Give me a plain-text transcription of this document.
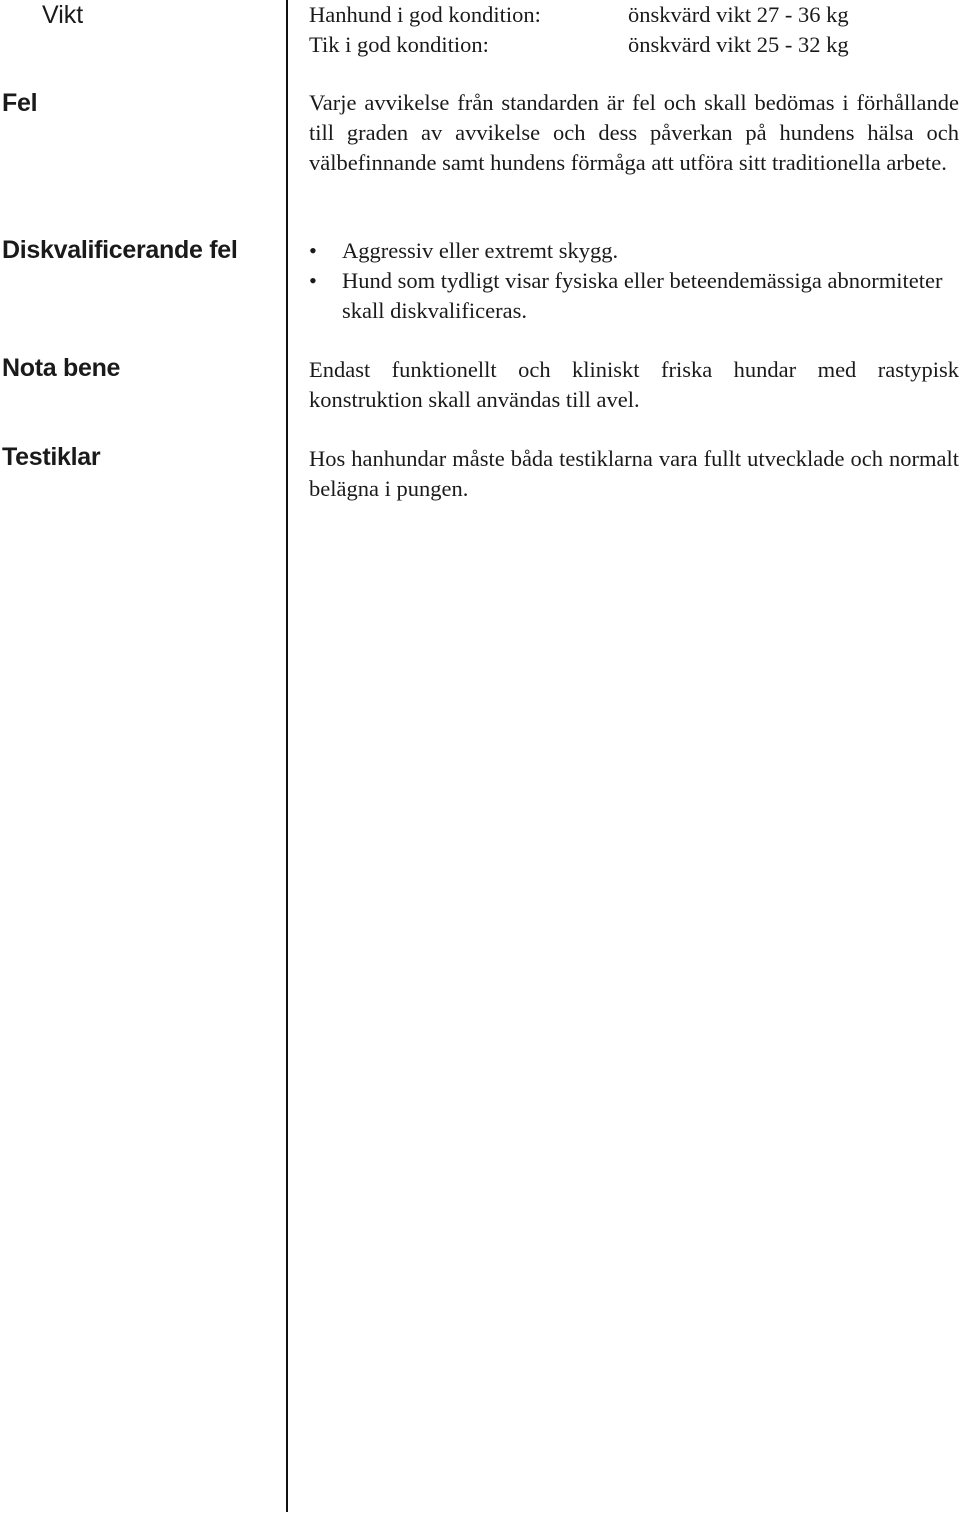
Vikt
Fel
Diskvalificerande fel
Nota bene
Testiklar
Hanhund i god kondition:	önskvärd vikt 27 - 36 kg
Tik i god kondition:	önskvärd vikt 25 - 32 kg

Varje avvikelse från standarden är fel och skall bedömas i förhållande till graden av avvikelse och dess påverkan på hundens hälsa och välbefinnande samt hundens förmåga att utföra sitt traditionella arbete.

• Aggressiv eller extremt skygg.
• Hund som tydligt visar fysiska eller beteendemässiga abnormiteter skall diskvalificeras.

Endast funktionellt och kliniskt friska hundar med rastypisk konstruktion skall användas till avel.

Hos hanhundar måste båda testiklarna vara fullt utvecklade och normalt belägna i pungen.
